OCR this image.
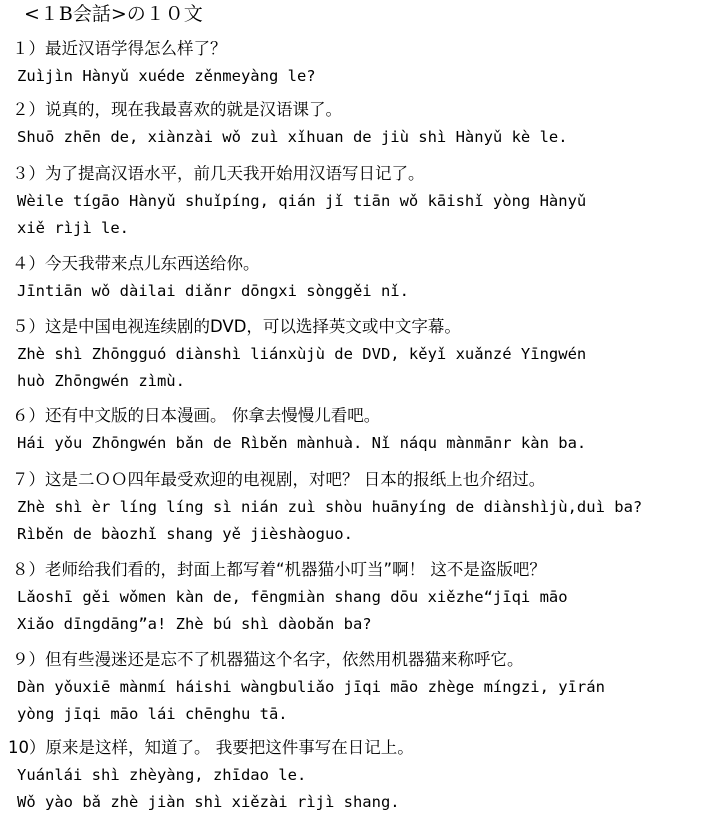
<１B会話>の１０文
１）最近汉语学得怎么样了？
Zuìjìn Hànyǔ xuéde zěnmeyàng le?
２）说真的，现在我最喜欢的就是汉语课了。
Shuō zhēn de, xiànzài wǒ zuì xǐhuan de jiù shì Hànyǔ kè le.
３）为了提高汉语水平，前几天我开始用汉语写日记了。
Wèile tígāo Hànyǔ shuǐpíng, qián jǐ tiān wǒ kāishǐ yòng Hànyǔ
xiě rìjì le.
４）今天我带来点儿东西送给你。
Jīntiān wǒ dàilai diǎnr dōngxi sònggěi nǐ.
５）这是中国电视连续剧的DVD，可以选择英文或中文字幕。
Zhè shì Zhōngguó diànshì liánxùjù de DVD, kěyǐ xuǎnzé Yīngwén
huò Zhōngwén zìmù.
６）还有中文版的日本漫画。 你拿去慢慢儿看吧。
Hái yǒu Zhōngwén bǎn de Rìběn mànhuà. Nǐ náqu mànmānr kàn ba.
７）这是二ＯＯ四年最受欢迎的电视剧，对吧？ 日本的报纸上也介绍过。
Zhè shì èr líng líng sì nián zuì shòu huānyíng de diànshìjù,duì ba?
Rìběn de bàozhǐ shang yě jièshàoguo.
８）老师给我们看的，封面上都写着“机器猫小叮当”啊！ 这不是盗版吧？
Lǎoshī gěi wǒmen kàn de, fēngmiàn shang dōu xiězhe“jīqi māo
Xiǎo dīngdāng”a! Zhè bú shì dàobǎn ba?
９）但有些漫迷还是忘不了机器猫这个名字，依然用机器猫来称呼它。
Dàn yǒuxiē mànmí háishi wàngbuliǎo jīqi māo zhège míngzi, yīrán
yòng jīqi māo lái chēnghu tā.
10）原来是这样，知道了。 我要把这件事写在日记上。
Yuánlái shì zhèyàng, zhīdao le.
Wǒ yào bǎ zhè jiàn shì xiězài rìjì shang.
